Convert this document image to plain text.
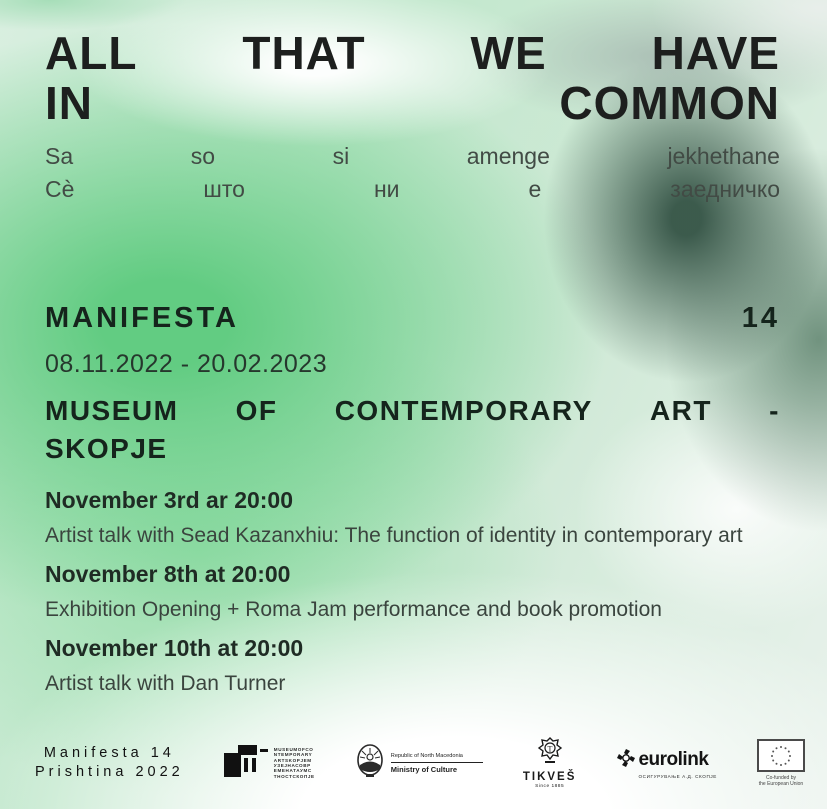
ALL THAT WE HAVE
IN	COMMON
Sa	so	si	amenge	jekhethane
Cè	што	ни	е	заедничко
MANIFESTA	14
08.11.2022 - 20.02.2023
MUSEUM OF CONTEMPORARY ART -
SKOPJE
November 3rd ar 20:00
Artist talk with Sead Kazanxhiu: The function of identity in contemporary art
November 8th at 20:00
Exhibition Opening + Roma Jam performance and book promotion
November 10th at 20:00
Artist talk with Dan Turner
Manifesta 14
Prishtina 2022
MUSEUMOFCO
NTEMPORARY
ARTSKOPJEM
УЗЕЈНАСОВР
ЕМЕНАТАУМС
ТНОСТСКОПЈЕ
Republic of North Macedonia
Ministry of Culture
T
TIKVEŠ
Since 1885
eurolink
ОСИГУРУВАЊЕ А.Д. СКОПЈЕ	Co-funded by
the European Union
